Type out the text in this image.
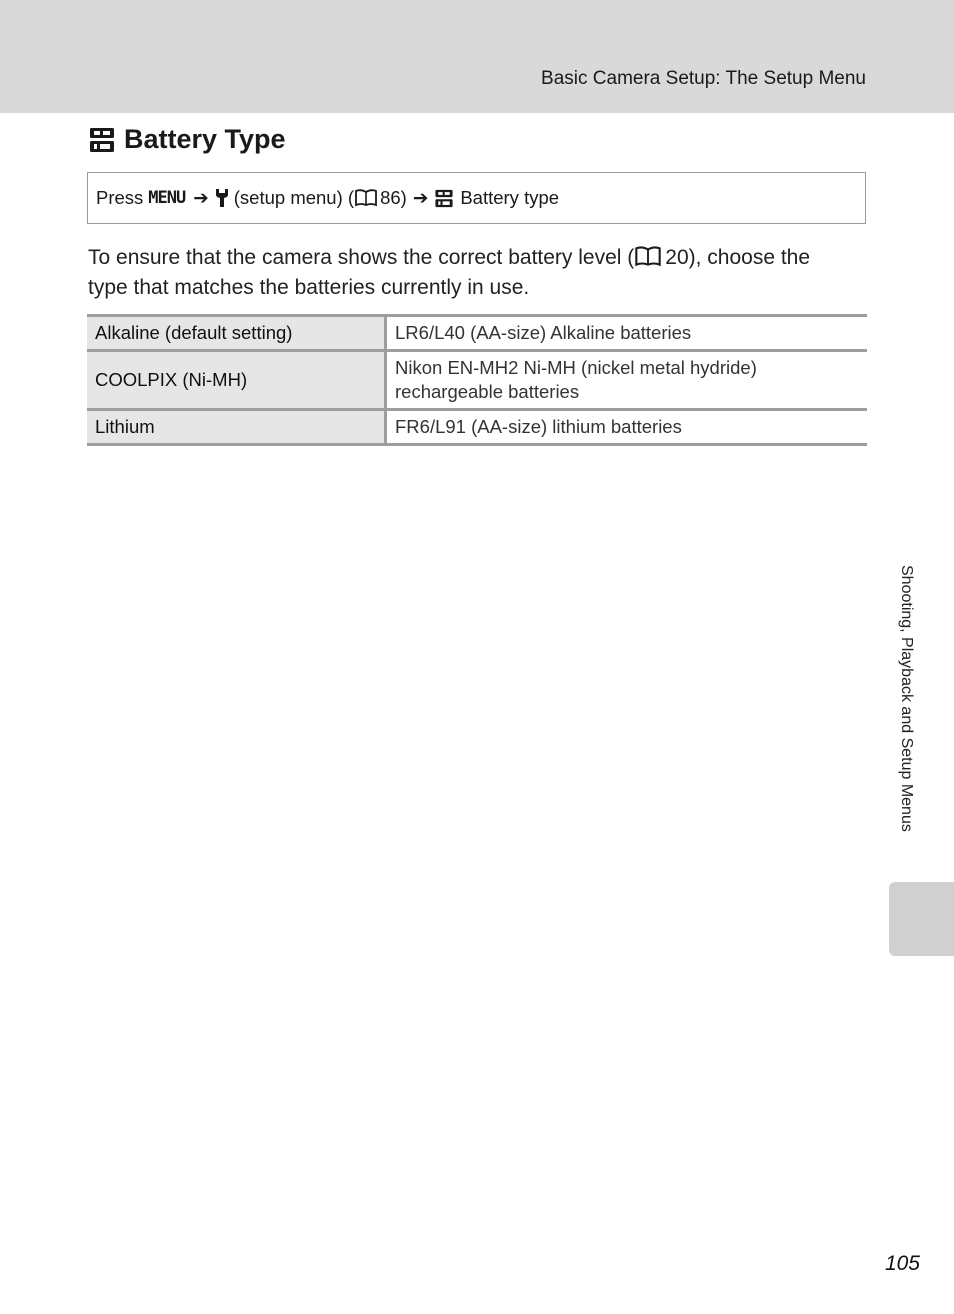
Basic Camera Setup: The Setup Menu
Battery Type
Press MENU ➔ (setup menu) ( 86) ➔ Battery type
To ensure that the camera shows the correct battery level ( 20), choose the type that matches the batteries currently in use.
Alkaline (default setting)	LR6/L40 (AA-size) Alkaline batteries
COOLPIX (Ni-MH)	Nikon EN-MH2 Ni-MH (nickel metal hydride) rechargeable batteries
Lithium	FR6/L91 (AA-size) lithium batteries
Shooting, Playback and Setup Menus
105
